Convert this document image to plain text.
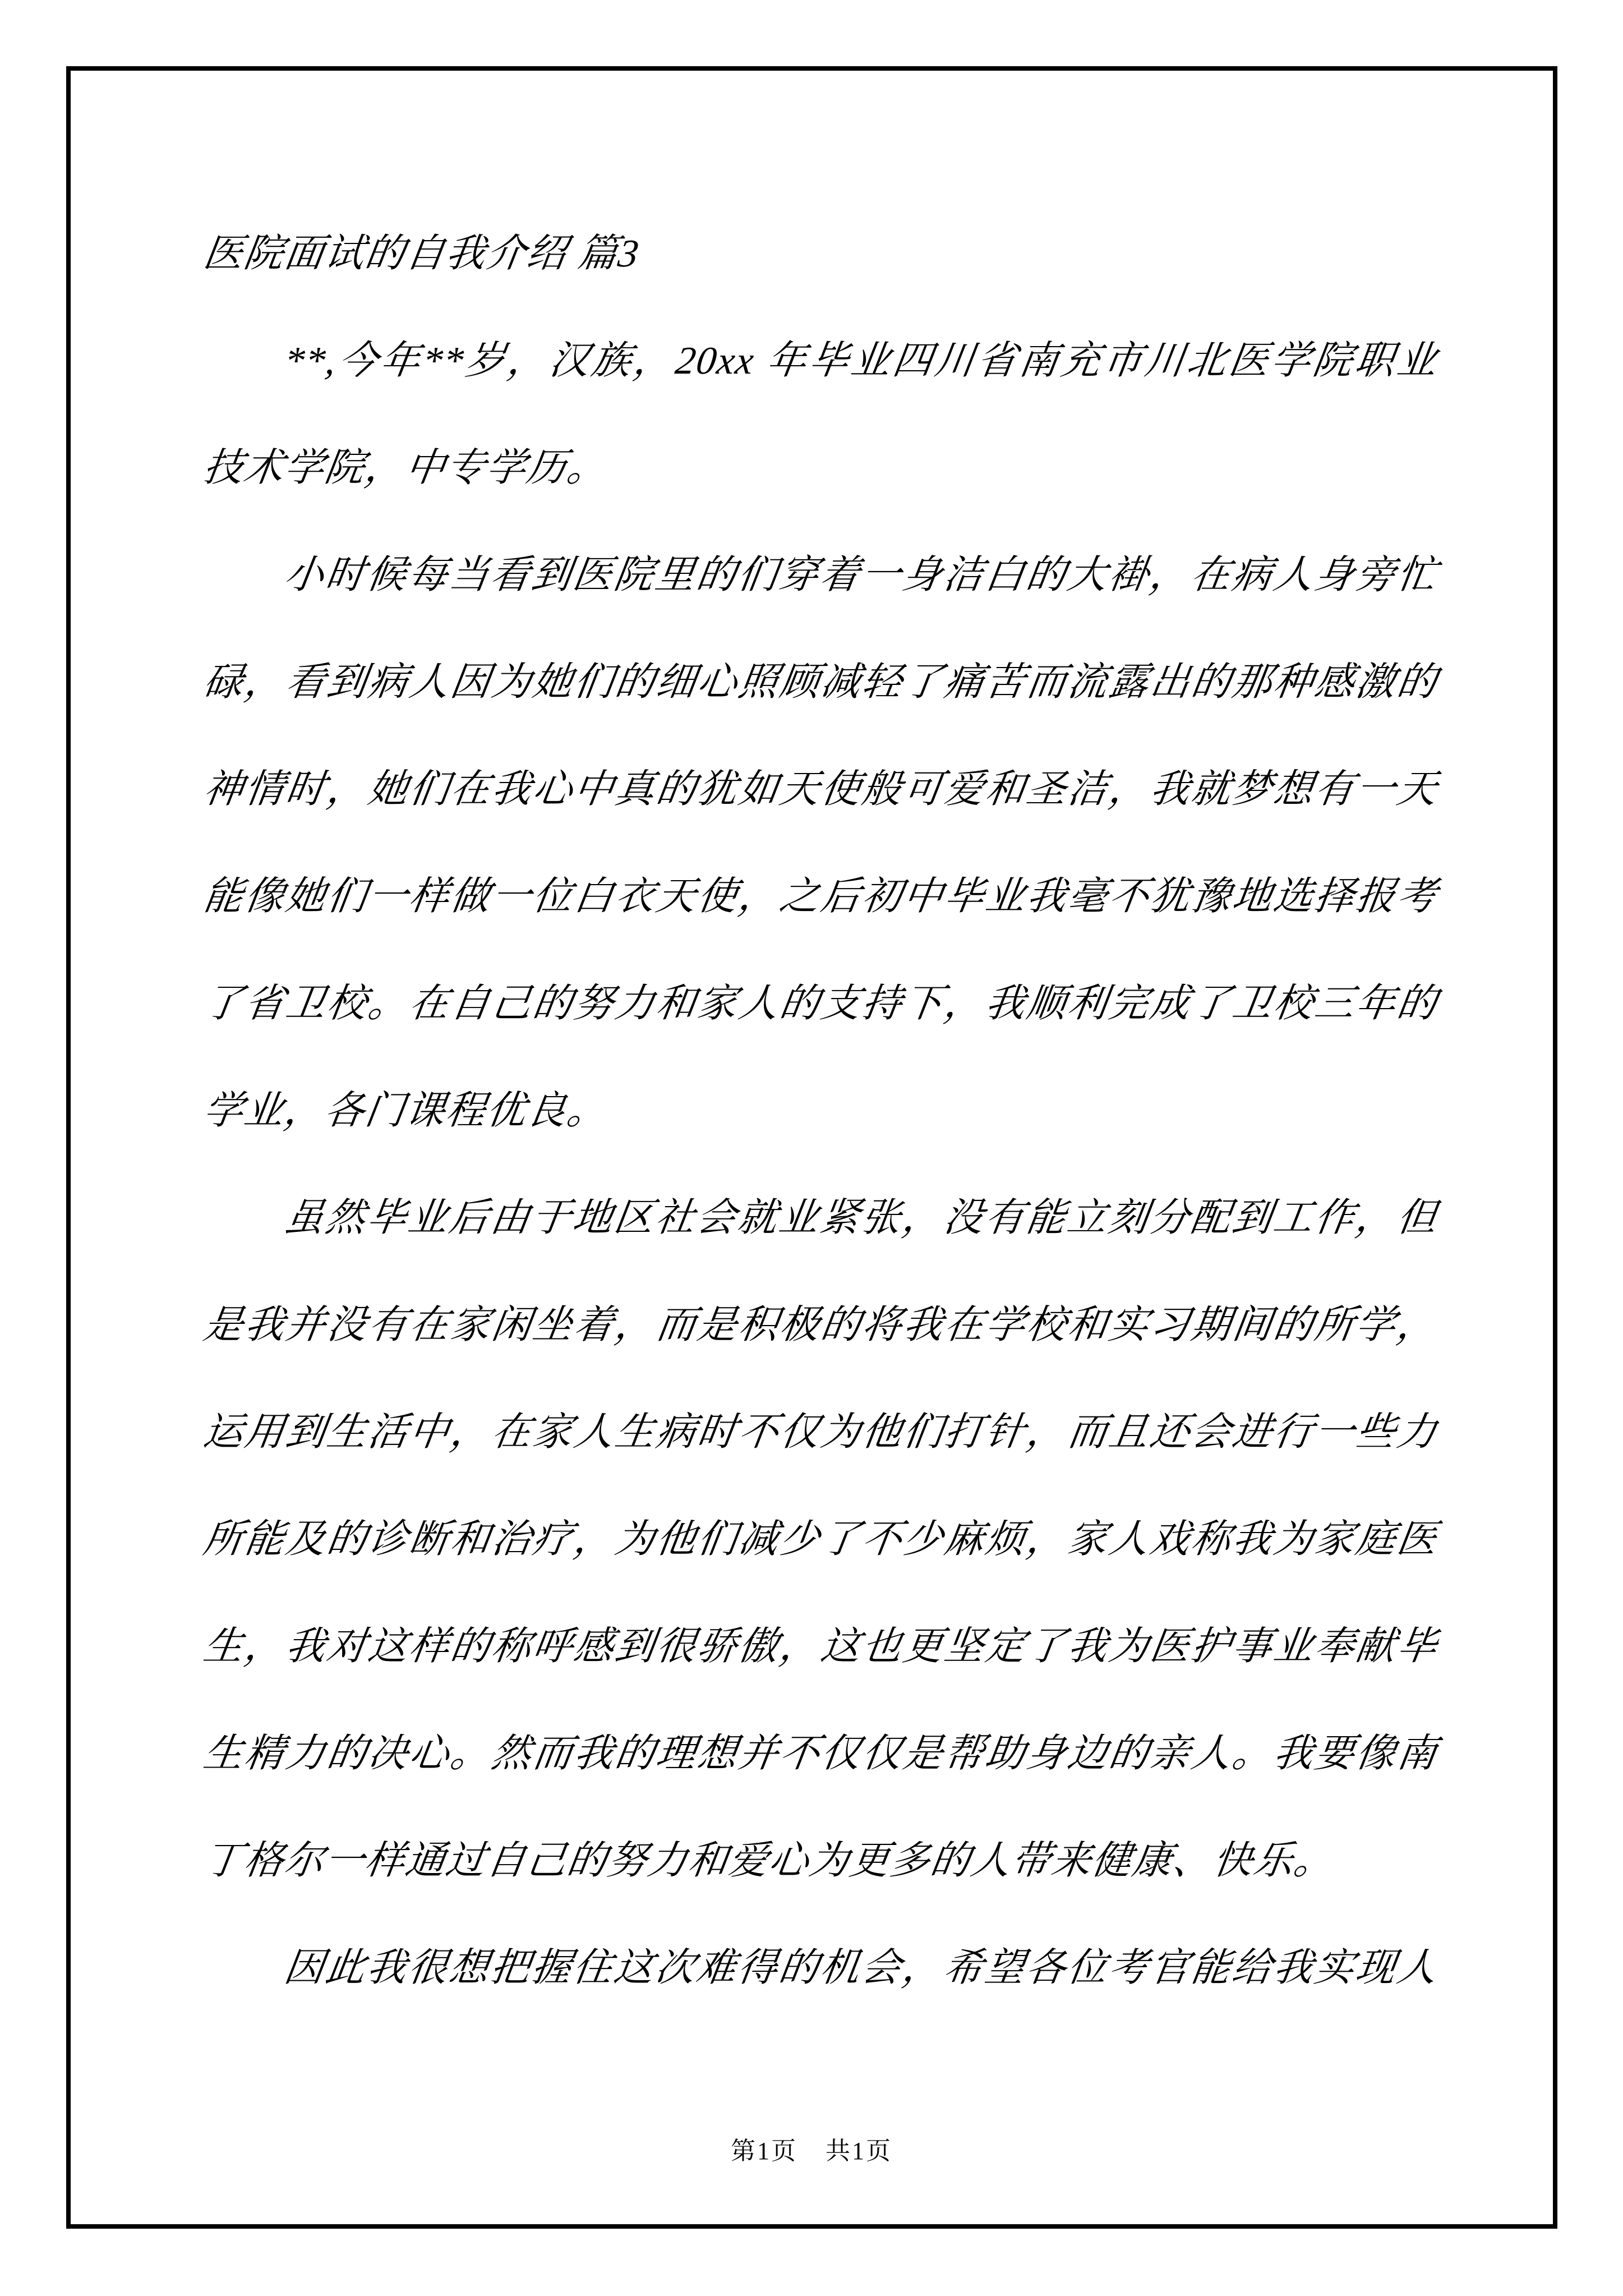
医院面试的自我介绍 篇3
**,今年**岁，汉族，20xx 年毕业四川省南充市川北医学院职业
技术学院，中专学历。
小时候每当看到医院里的们穿着一身洁白的大褂，在病人身旁忙
碌，看到病人因为她们的细心照顾减轻了痛苦而流露出的那种感激的
神情时，她们在我心中真的犹如天使般可爱和圣洁，我就梦想有一天
能像她们一样做一位白衣天使，之后初中毕业我毫不犹豫地选择报考
了省卫校。在自己的努力和家人的支持下，我顺利完成了卫校三年的
学业，各门课程优良。
虽然毕业后由于地区社会就业紧张，没有能立刻分配到工作，但
是我并没有在家闲坐着，而是积极的将我在学校和实习期间的所学，
运用到生活中，在家人生病时不仅为他们打针，而且还会进行一些力
所能及的诊断和治疗，为他们减少了不少麻烦，家人戏称我为家庭医
生，我对这样的称呼感到很骄傲，这也更坚定了我为医护事业奉献毕
生精力的决心。然而我的理想并不仅仅是帮助身边的亲人。我要像南
丁格尔一样通过自己的努力和爱心为更多的人带来健康、快乐。
因此我很想把握住这次难得的机会，希望各位考官能给我实现人
第1页 共1页
